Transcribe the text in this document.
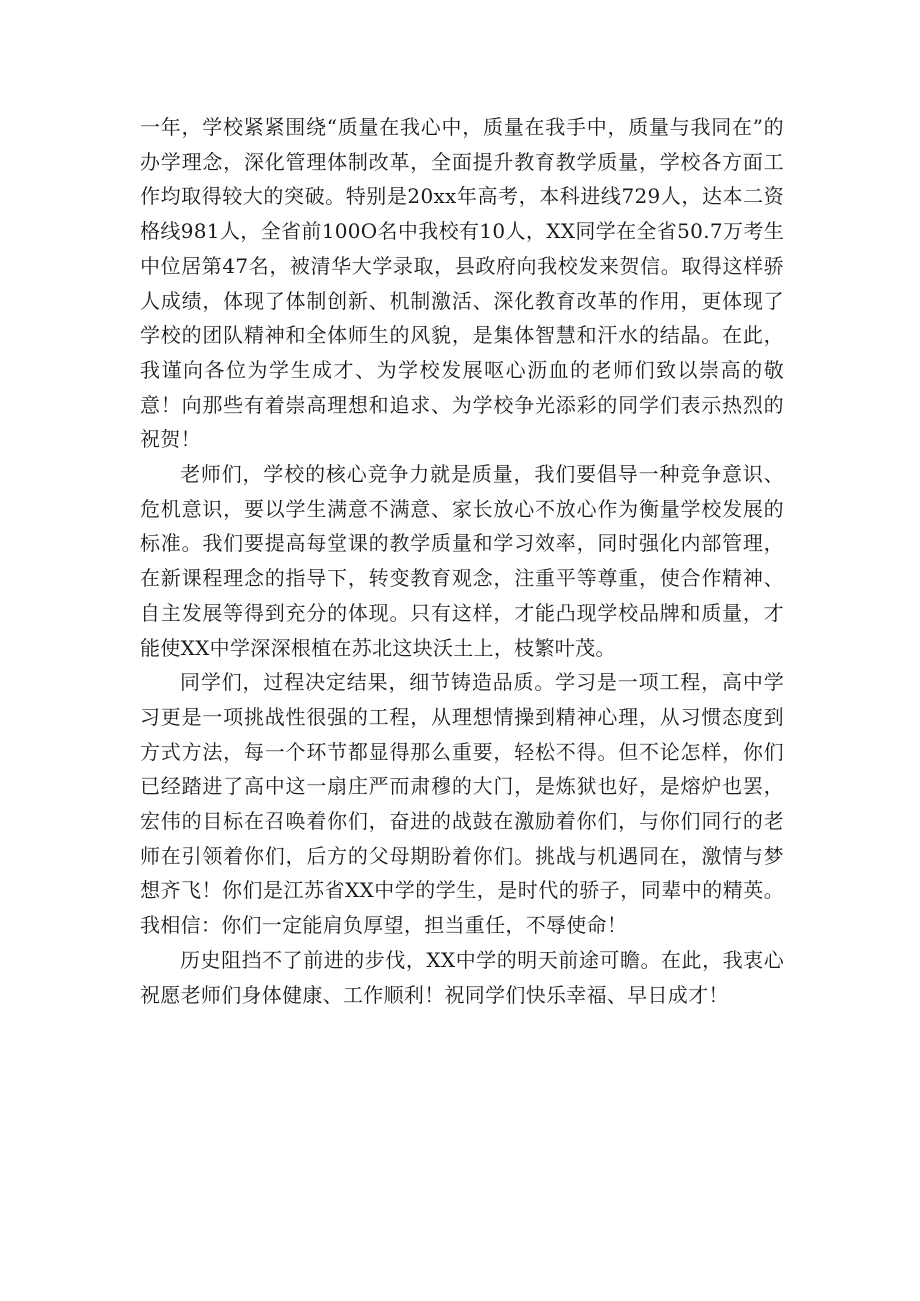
一年，学校紧紧围绕“质量在我心中，质量在我手中，质量与我同在”的办学理念，深化管理体制改革，全面提升教育教学质量，学校各方面工作均取得较大的突破。特别是20xx年高考，本科进线729人，达本二资格线981人，全省前100O名中我校有10人，XX同学在全省50.7万考生中位居第47名，被清华大学录取，县政府向我校发来贺信。取得这样骄人成绩，体现了体制创新、机制激活、深化教育改革的作用，更体现了学校的团队精神和全体师生的风貌，是集体智慧和汗水的结晶。在此，我谨向各位为学生成才、为学校发展呕心沥血的老师们致以崇高的敬意！向那些有着崇高理想和追求、为学校争光添彩的同学们表示热烈的祝贺！

老师们，学校的核心竞争力就是质量，我们要倡导一种竞争意识、危机意识，要以学生满意不满意、家长放心不放心作为衡量学校发展的标准。我们要提高每堂课的教学质量和学习效率，同时强化内部管理，在新课程理念的指导下，转变教育观念，注重平等尊重，使合作精神、自主发展等得到充分的体现。只有这样，才能凸现学校品牌和质量，才能使XX中学深深根植在苏北这块沃土上，枝繁叶茂。

同学们，过程决定结果，细节铸造品质。学习是一项工程，高中学习更是一项挑战性很强的工程，从理想情操到精神心理，从习惯态度到方式方法，每一个环节都显得那么重要，轻松不得。但不论怎样，你们已经踏进了高中这一扇庄严而肃穆的大门，是炼狱也好，是熔炉也罢，宏伟的目标在召唤着你们，奋进的战鼓在激励着你们，与你们同行的老师在引领着你们，后方的父母期盼着你们。挑战与机遇同在，激情与梦想齐飞！你们是江苏省XX中学的学生，是时代的骄子，同辈中的精英。我相信：你们一定能肩负厚望，担当重任，不辱使命！

历史阻挡不了前进的步伐，XX中学的明天前途可瞻。在此，我衷心祝愿老师们身体健康、工作顺利！祝同学们快乐幸福、早日成才！
